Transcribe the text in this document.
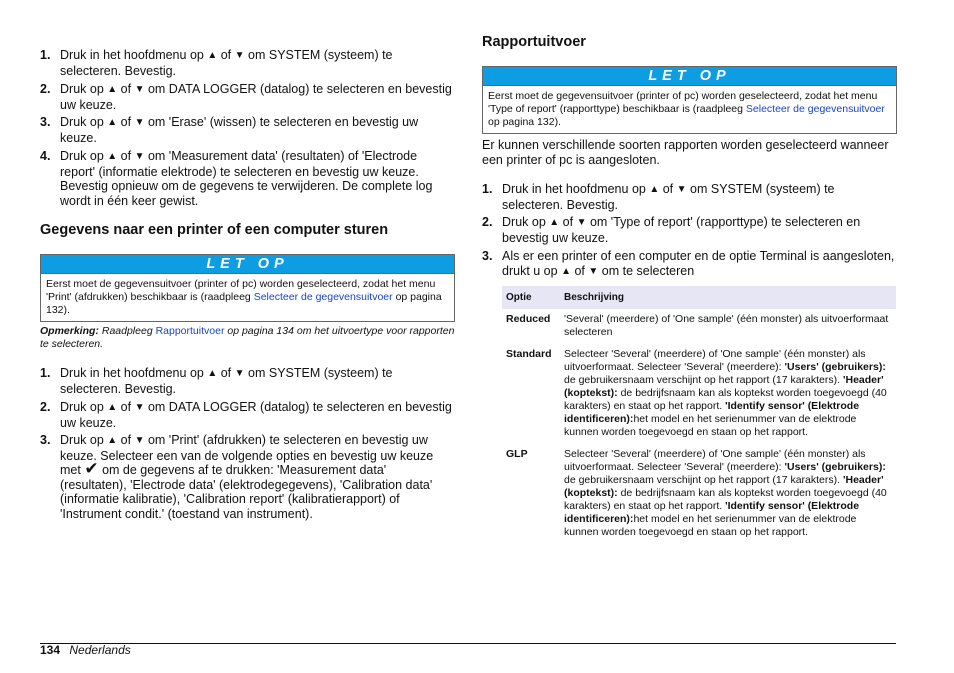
1. Druk in het hoofdmenu op ▲ of ▼ om SYSTEM (systeem) te selecteren. Bevestig.
2. Druk op ▲ of ▼ om DATA LOGGER (datalog) te selecteren en bevestig uw keuze.
3. Druk op ▲ of ▼ om 'Erase' (wissen) te selecteren en bevestig uw keuze.
4. Druk op ▲ of ▼ om 'Measurement data' (resultaten) of 'Electrode report' (informatie elektrode) te selecteren en bevestig uw keuze. Bevestig opnieuw om de gegevens te verwijderen. De complete log wordt in één keer gewist.
Gegevens naar een printer of een computer sturen
LET OP
Eerst moet de gegevensuitvoer (printer of pc) worden geselecteerd, zodat het menu 'Print' (afdrukken) beschikbaar is (raadpleeg Selecteer de gegevensuitvoer op pagina 132).
Opmerking: Raadpleeg Rapportuitvoer op pagina 134 om het uitvoertype voor rapporten te selecteren.
1. Druk in het hoofdmenu op ▲ of ▼ om SYSTEM (systeem) te selecteren. Bevestig.
2. Druk op ▲ of ▼ om DATA LOGGER (datalog) te selecteren en bevestig uw keuze.
3. Druk op ▲ of ▼ om 'Print' (afdrukken) te selecteren en bevestig uw keuze. Selecteer een van de volgende opties en bevestig uw keuze met ✔ om de gegevens af te drukken: 'Measurement data' (resultaten), 'Electrode data' (elektrodegegevens), 'Calibration data' (informatie kalibratie), 'Calibration report' (kalibratierapport) of 'Instrument condit.' (toestand van instrument).
Rapportuitvoer
LET OP
Eerst moet de gegevensuitvoer (printer of pc) worden geselecteerd, zodat het menu 'Type of report' (rapporttype) beschikbaar is (raadpleeg Selecteer de gegevensuitvoer op pagina 132).
Er kunnen verschillende soorten rapporten worden geselecteerd wanneer een printer of pc is aangesloten.
1. Druk in het hoofdmenu op ▲ of ▼ om SYSTEM (systeem) te selecteren. Bevestig.
2. Druk op ▲ of ▼ om 'Type of report' (rapporttype) te selecteren en bevestig uw keuze.
3. Als er een printer of een computer en de optie Terminal is aangesloten, drukt u op ▲ of ▼ om te selecteren
Optie	Beschrijving
Reduced	'Several' (meerdere) of 'One sample' (één monster) als uitvoerformaat selecteren
Standard	Selecteer 'Several' (meerdere) of 'One sample' (één monster) als uitvoerformaat. Selecteer 'Several' (meerdere): 'Users' (gebruikers): de gebruikersnaam verschijnt op het rapport (17 karakters). 'Header' (koptekst): de bedrijfsnaam kan als koptekst worden toegevoegd (40 karakters) en staat op het rapport. 'Identify sensor' (Elektrode identificeren):het model en het serienummer van de elektrode kunnen worden toegevoegd en staan op het rapport.
GLP	Selecteer 'Several' (meerdere) of 'One sample' (één monster) als uitvoerformaat. Selecteer 'Several' (meerdere): 'Users' (gebruikers): de gebruikersnaam verschijnt op het rapport (17 karakters). 'Header' (koptekst): de bedrijfsnaam kan als koptekst worden toegevoegd (40 karakters) en staat op het rapport. 'Identify sensor' (Elektrode identificeren):het model en het serienummer van de elektrode kunnen worden toegevoegd en staan op het rapport.
134 Nederlands
